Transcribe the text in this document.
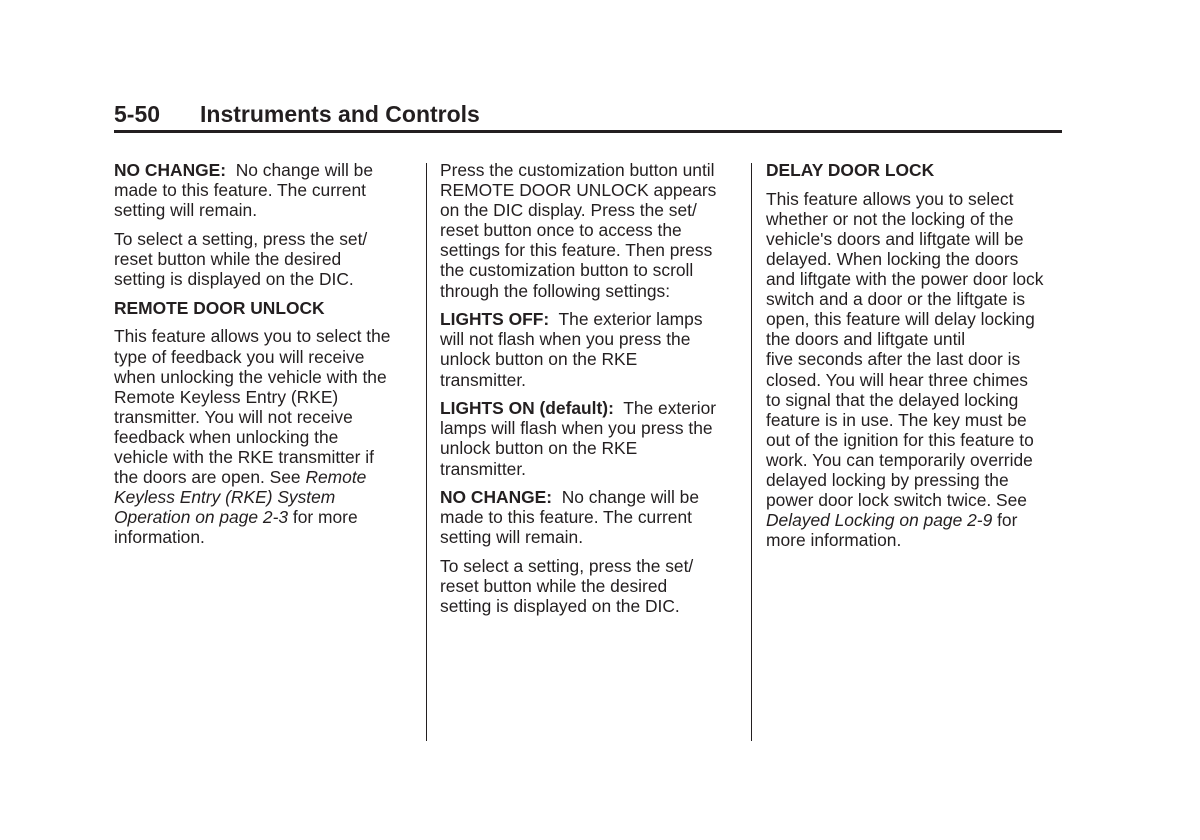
5-50 Instruments and Controls

NO CHANGE: No change will be
made to this feature. The current
setting will remain.

To select a setting, press the set/
reset button while the desired
setting is displayed on the DIC.

REMOTE DOOR UNLOCK

This feature allows you to select the
type of feedback you will receive
when unlocking the vehicle with the
Remote Keyless Entry (RKE)
transmitter. You will not receive
feedback when unlocking the
vehicle with the RKE transmitter if
the doors are open. See Remote
Keyless Entry (RKE) System
Operation on page 2-3 for more
information.

Press the customization button until
REMOTE DOOR UNLOCK appears
on the DIC display. Press the set/
reset button once to access the
settings for this feature. Then press
the customization button to scroll
through the following settings:

LIGHTS OFF: The exterior lamps
will not flash when you press the
unlock button on the RKE
transmitter.

LIGHTS ON (default): The exterior
lamps will flash when you press the
unlock button on the RKE
transmitter.

NO CHANGE: No change will be
made to this feature. The current
setting will remain.

To select a setting, press the set/
reset button while the desired
setting is displayed on the DIC.

DELAY DOOR LOCK

This feature allows you to select
whether or not the locking of the
vehicle's doors and liftgate will be
delayed. When locking the doors
and liftgate with the power door lock
switch and a door or the liftgate is
open, this feature will delay locking
the doors and liftgate until
five seconds after the last door is
closed. You will hear three chimes
to signal that the delayed locking
feature is in use. The key must be
out of the ignition for this feature to
work. You can temporarily override
delayed locking by pressing the
power door lock switch twice. See
Delayed Locking on page 2-9 for
more information.
